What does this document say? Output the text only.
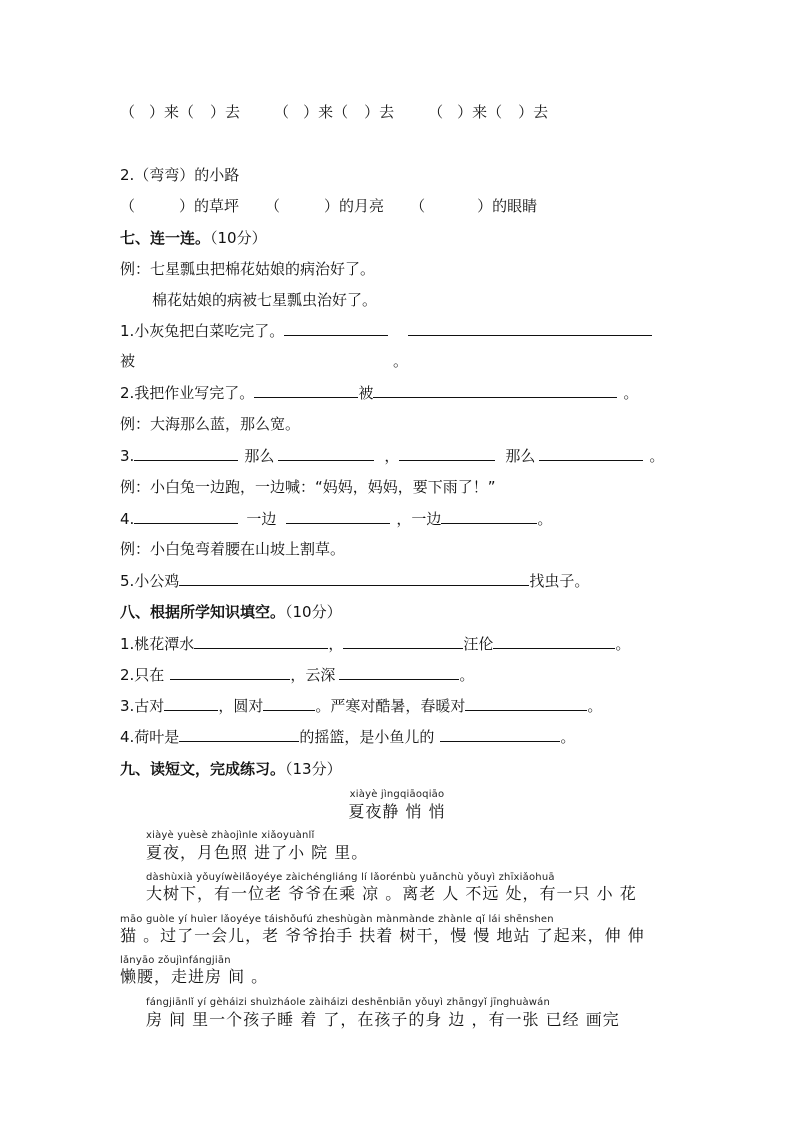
（ ）来（ ）去 （ ）来（ ）去 （ ）来（ ）去
2.（弯弯）的小路
（	）的草坪 （	）的月亮 （	）的眼睛
七、连一连。（10分）
例：七星瓢虫把棉花姑娘的病治好了。
棉花姑娘的病被七星瓢虫治好了。
1.小灰兔把白菜吃完了。
被	。
2.我把作业写完了。	被	。
例：大海那么蓝，那么宽。
3.	那么	，	那么	。
例：小白兔一边跑，一边喊：“妈妈，妈妈，要下雨了！”
4.	一边	，一边	。
例：小白兔弯着腰在山坡上割草。
5.小公鸡	找虫子。
八、根据所学知识填空。（10分）
1.桃花潭水	，	汪伦	。
2.只在	，云深	。
3.古对	，圆对	。严寒对酷暑，春暖对	。
4.荷叶是	的摇篮，是小鱼儿的	。
九、读短文，完成练习。（13分）
xiàyè jìngqiāoqiāo
夏夜静 悄 悄
xiàyè yuèsè zhàojìnle xiǎoyuànlǐ
夏夜，月色照 进了小 院 里。
dàshùxià yǒuyíwèilǎoyéye zàichéngliáng lí lǎorénbù yuǎnchù yǒuyì zhīxiǎohuā
大树下，有一位老 爷爷在乘 凉 。离老 人 不远 处，有一只 小 花
māo guòle yí huìer lǎoyéye táishǒufú zheshùgàn mànmànde zhànle qǐ lái shēnshen
猫 。过了一会儿，老 爷爷抬手 扶着 树干，慢 慢 地站 了起来，伸 伸
lǎnyāo zǒujìnfángjiān
懒腰，走进房 间 。
fángjiānlǐ yí gèháizi shuìzháole zàiháizi deshēnbiān yǒuyì zhāngyǐ jīnghuàwán
房 间 里一个孩子睡 着 了，在孩子的身 边 ，有一张 已经 画完
